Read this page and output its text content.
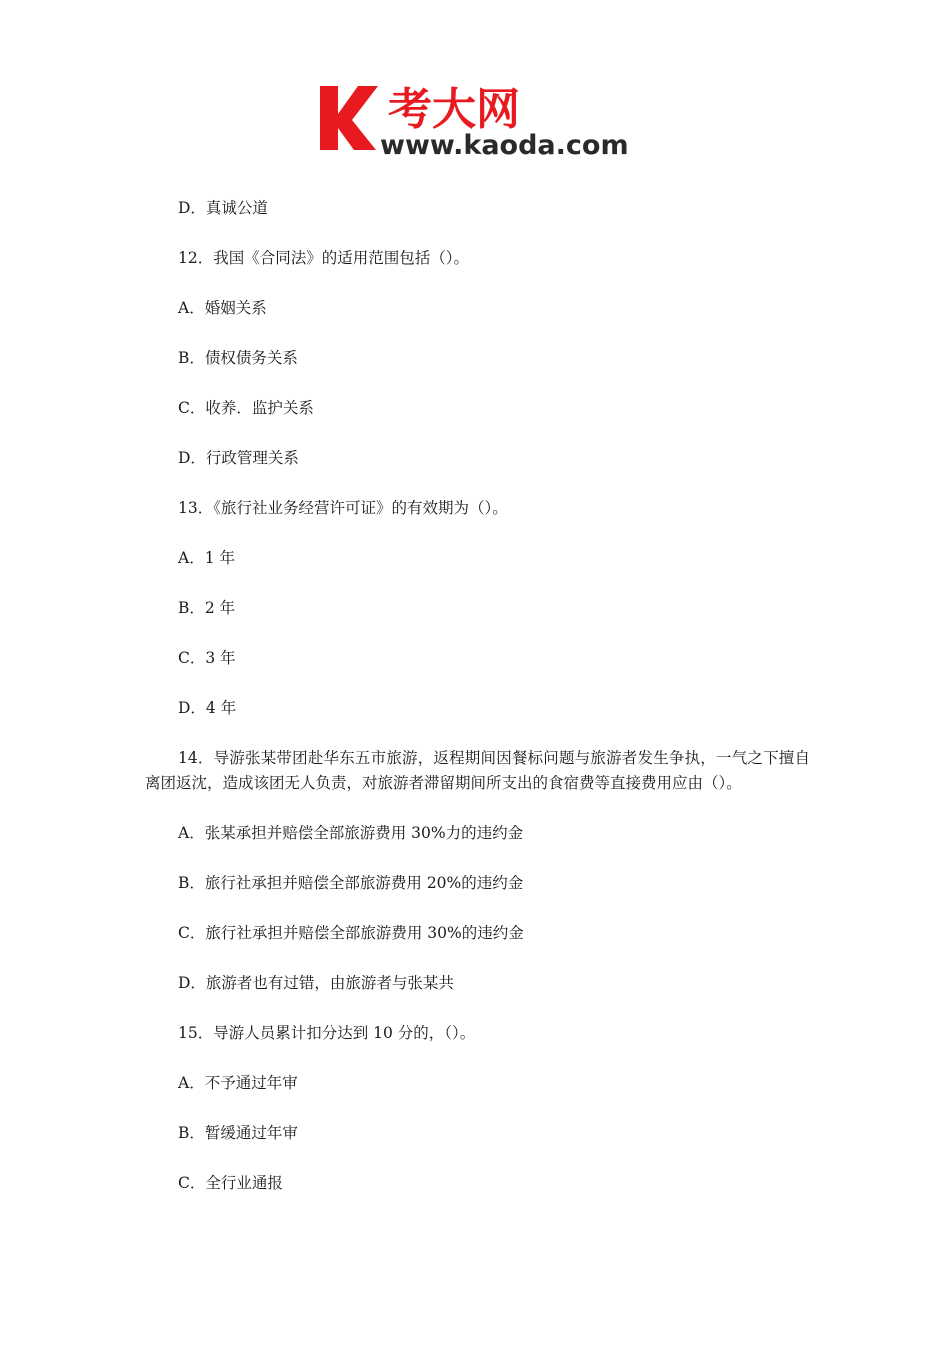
考大网
www.kaoda.com
D．真诚公道
12．我国《合同法》的适用范围包括（）。
A．婚姻关系
B．债权债务关系
C．收养．监护关系
D．行政管理关系
13．《旅行社业务经营许可证》的有效期为（）。
A．1 年
B．2 年
C．3 年
D．4 年
14．导游张某带团赴华东五市旅游，返程期间因餐标问题与旅游者发生争执，一气之下擅自离团返沈，造成该团无人负责，对旅游者滞留期间所支出的食宿费等直接费用应由（）。
A．张某承担并赔偿全部旅游费用 30%力的违约金
B．旅行社承担并赔偿全部旅游费用 20%的违约金
C．旅行社承担并赔偿全部旅游费用 30%的违约金
D．旅游者也有过错，由旅游者与张某共
15．导游人员累计扣分达到 10 分的，（）。
A．不予通过年审
B．暂缓通过年审
C．全行业通报
